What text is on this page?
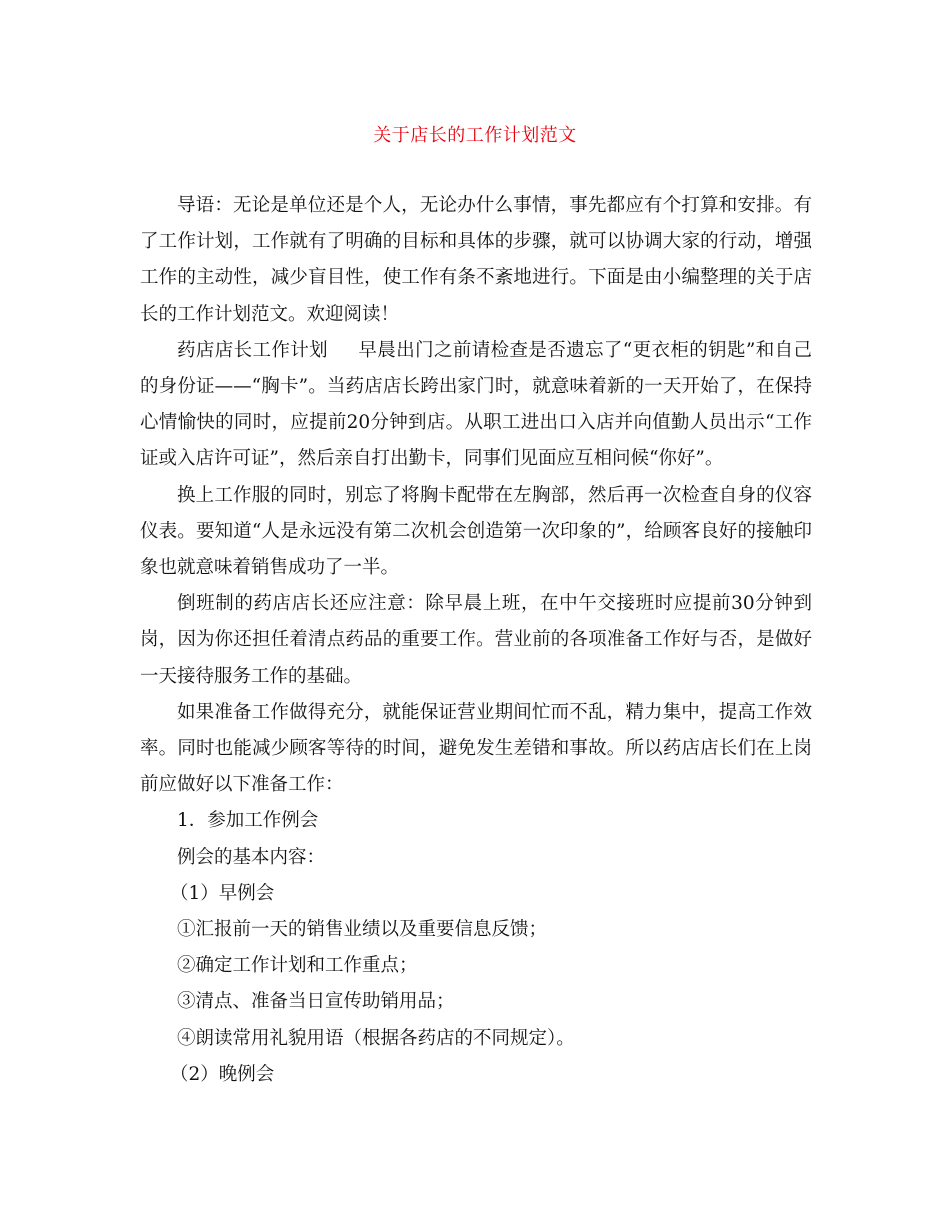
关于店长的工作计划范文

导语：无论是单位还是个人，无论办什么事情，事先都应有个打算和安排。有了工作计划，工作就有了明确的目标和具体的步骤，就可以协调大家的行动，增强工作的主动性，减少盲目性，使工作有条不紊地进行。下面是由小编整理的关于店长的工作计划范文。欢迎阅读！

药店店长工作计划 早晨出门之前请检查是否遗忘了“更衣柜的钥匙”和自己的身份证——“胸卡”。当药店店长跨出家门时，就意味着新的一天开始了，在保持心情愉快的同时，应提前20分钟到店。从职工进出口入店并向值勤人员出示“工作证或入店许可证”，然后亲自打出勤卡，同事们见面应互相问候“你好”。

换上工作服的同时，别忘了将胸卡配带在左胸部，然后再一次检查自身的仪容仪表。要知道“人是永远没有第二次机会创造第一次印象的”，给顾客良好的接触印象也就意味着销售成功了一半。

倒班制的药店店长还应注意：除早晨上班，在中午交接班时应提前30分钟到岗，因为你还担任着清点药品的重要工作。营业前的各项准备工作好与否，是做好一天接待服务工作的基础。

如果准备工作做得充分，就能保证营业期间忙而不乱，精力集中，提高工作效率。同时也能减少顾客等待的时间，避免发生差错和事故。所以药店店长们在上岗前应做好以下准备工作：

1．参加工作例会

例会的基本内容：

（1）早例会

①汇报前一天的销售业绩以及重要信息反馈；

②确定工作计划和工作重点；

③清点、准备当日宣传助销用品；

④朗读常用礼貌用语（根据各药店的不同规定）。

（2）晚例会
